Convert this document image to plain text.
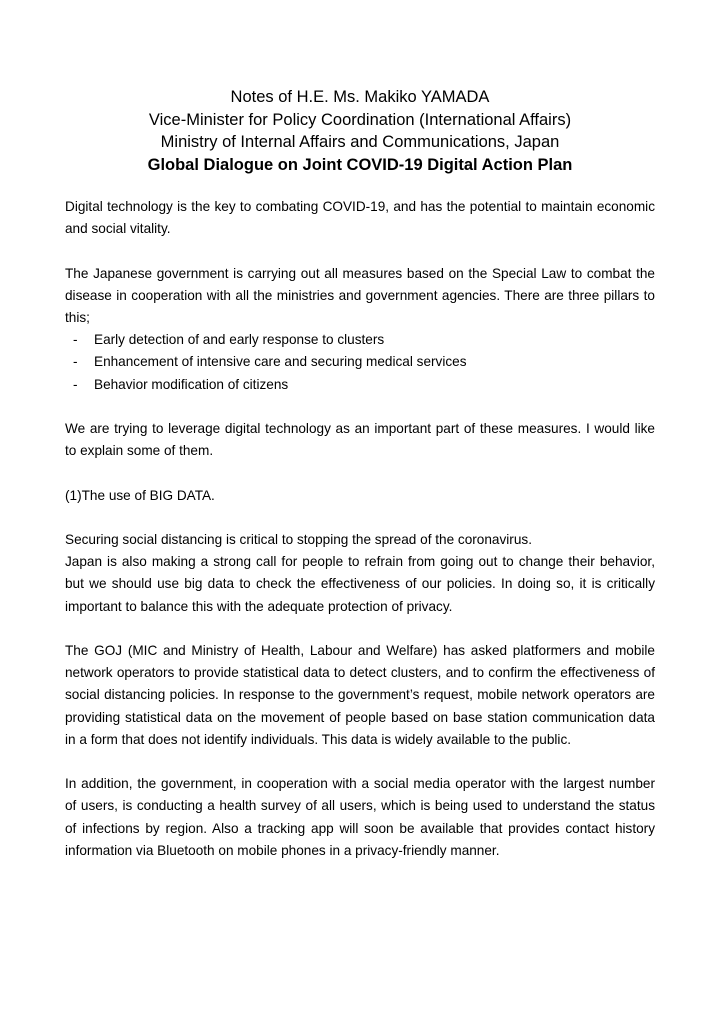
Notes of H.E. Ms. Makiko YAMADA
Vice-Minister for Policy Coordination (International Affairs)
Ministry of Internal Affairs and Communications, Japan
Global Dialogue on Joint COVID-19 Digital Action Plan

Digital technology is the key to combating COVID-19, and has the potential to maintain economic and social vitality.

The Japanese government is carrying out all measures based on the Special Law to combat the disease in cooperation with all the ministries and government agencies. There are three pillars to this;

- Early detection of and early response to clusters
- Enhancement of intensive care and securing medical services
- Behavior modification of citizens

We are trying to leverage digital technology as an important part of these measures. I would like to explain some of them.

(1)The use of BIG DATA.

Securing social distancing is critical to stopping the spread of the coronavirus.

Japan is also making a strong call for people to refrain from going out to change their behavior, but we should use big data to check the effectiveness of our policies. In doing so, it is critically important to balance this with the adequate protection of privacy.

The GOJ (MIC and Ministry of Health, Labour and Welfare) has asked platformers and mobile network operators to provide statistical data to detect clusters, and to confirm the effectiveness of social distancing policies. In response to the government’s request, mobile network operators are providing statistical data on the movement of people based on base station communication data in a form that does not identify individuals. This data is widely available to the public.

In addition, the government, in cooperation with a social media operator with the largest number of users, is conducting a health survey of all users, which is being used to understand the status of infections by region. Also a tracking app will soon be available that provides contact history information via Bluetooth on mobile phones in a privacy-friendly manner.
